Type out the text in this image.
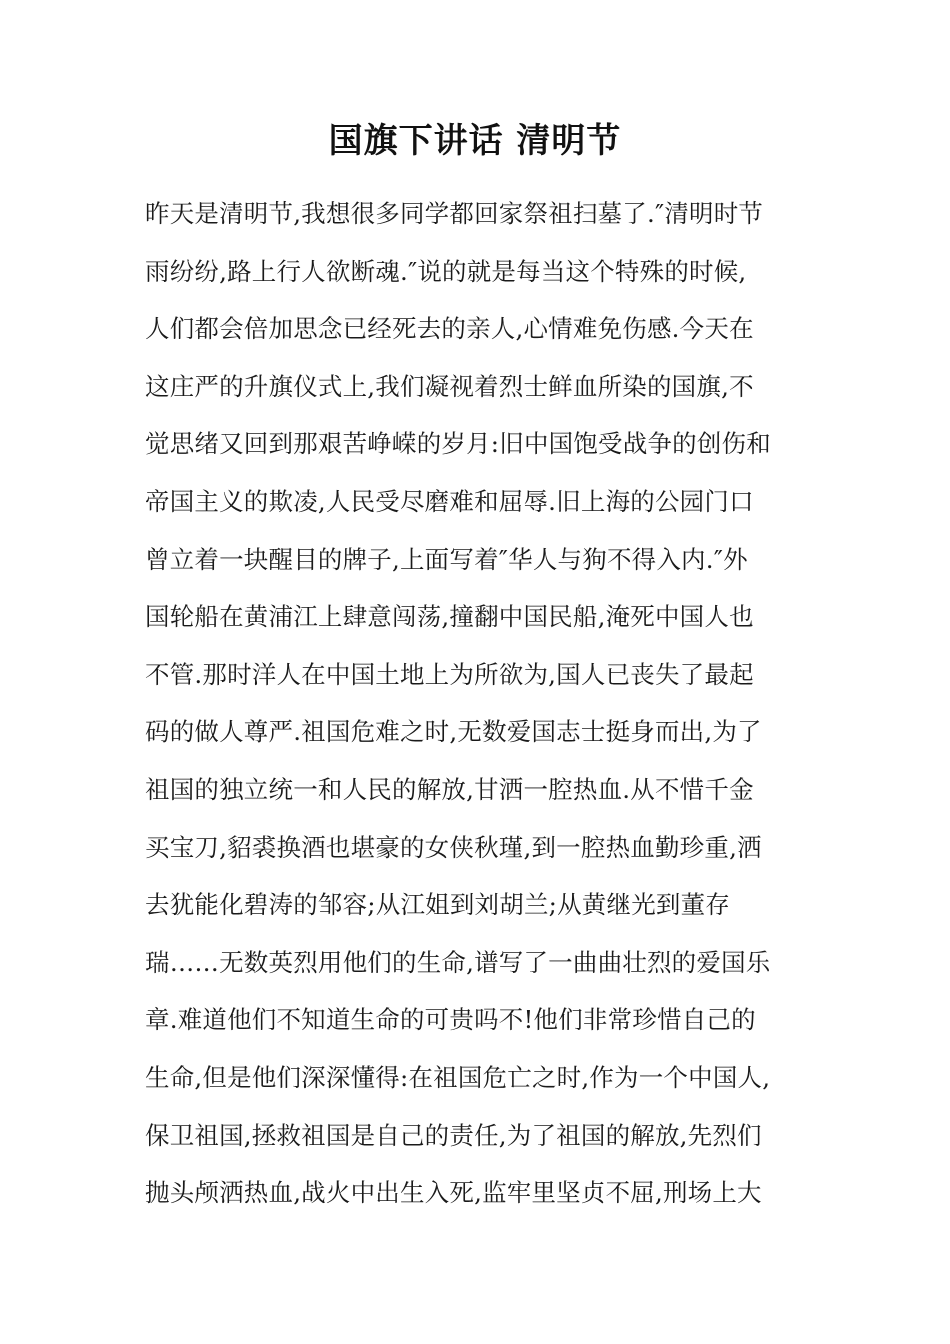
国旗下讲话 清明节
昨天是清明节,我想很多同学都回家祭祖扫墓了.″清明时节
雨纷纷,路上行人欲断魂.″说的就是每当这个特殊的时候,
人们都会倍加思念已经死去的亲人,心情难免伤感.今天在
这庄严的升旗仪式上,我们凝视着烈士鲜血所染的国旗,不
觉思绪又回到那艰苦峥嵘的岁月:旧中国饱受战争的创伤和
帝国主义的欺凌,人民受尽磨难和屈辱.旧上海的公园门口
曾立着一块醒目的牌子,上面写着″华人与狗不得入内.″外
国轮船在黄浦江上肆意闯荡,撞翻中国民船,淹死中国人也
不管.那时洋人在中国土地上为所欲为,国人已丧失了最起
码的做人尊严.祖国危难之时,无数爱国志士挺身而出,为了
祖国的独立统一和人民的解放,甘洒一腔热血.从不惜千金
买宝刀,貂裘换酒也堪豪的女侠秋瑾,到一腔热血勤珍重,洒
去犹能化碧涛的邹容;从江姐到刘胡兰;从黄继光到董存
瑞……无数英烈用他们的生命,谱写了一曲曲壮烈的爱国乐
章.难道他们不知道生命的可贵吗不!他们非常珍惜自己的
生命,但是他们深深懂得:在祖国危亡之时,作为一个中国人,
保卫祖国,拯救祖国是自己的责任,为了祖国的解放,先烈们
抛头颅洒热血,战火中出生入死,监牢里坚贞不屈,刑场上大
